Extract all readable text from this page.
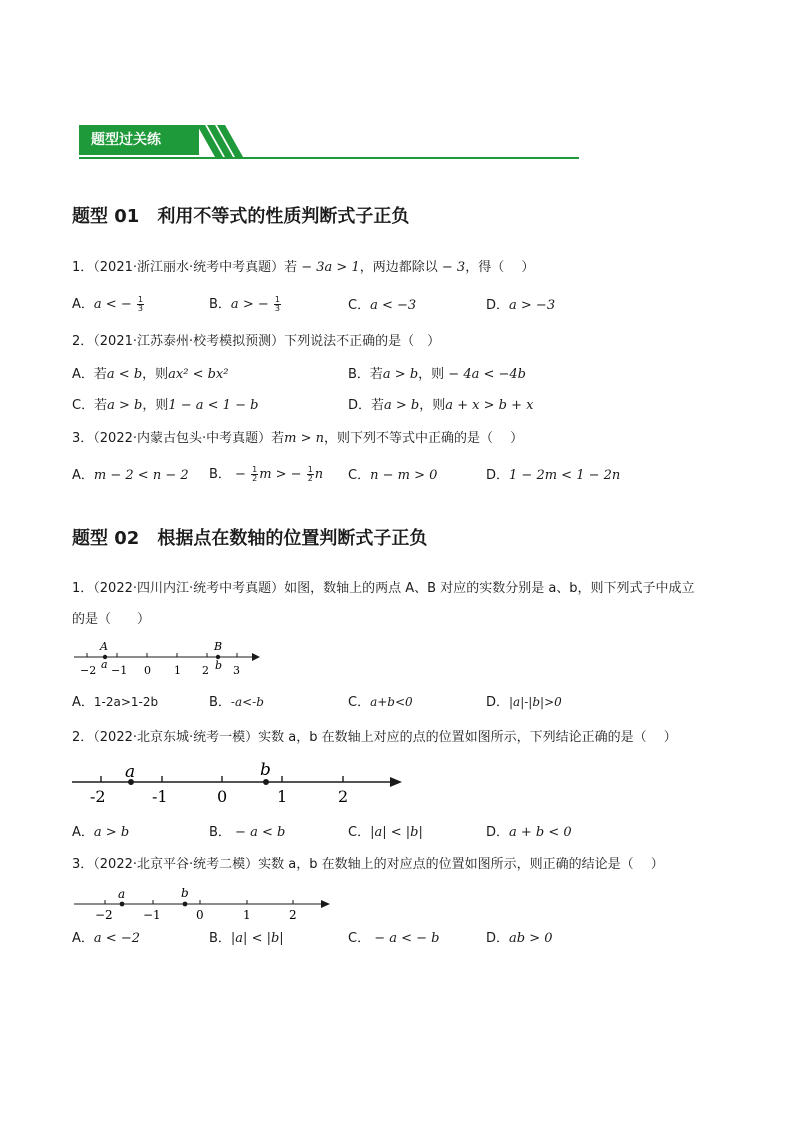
题型过关练
题型 01　利用不等式的性质判断式子正负
1．（2021·浙江丽水·统考中考真题）若 − 3a > 1，两边都除以 − 3，得（　 ）
A．a < − $\frac{1}{3}$	B．a > − $\frac{1}{3}$	C．a < −3	D．a > −3
2．（2021·江苏泰州·校考模拟预测）下列说法不正确的是（　）
A．若a < b，则ax² < bx²	B．若a > b，则 − 4a < −4b
C．若a > b，则1 − a < 1 − b	D．若a > b，则a + x > b + x
3．（2022·内蒙古包头·中考真题）若m > n，则下列不等式中正确的是（　 ）
A．m − 2 < n − 2 B． − $\frac{1}{2}$ m > − $\frac{1}{2}$ n C．n − m > 0	D．1 − 2m < 1 − 2n
题型 02　根据点在数轴的位置判断式子正负
1．（2022·四川内江·统考中考真题）如图，数轴上的两点 A、B 对应的实数分别是 a、b，则下列式子中成立
的是（　　）
A
a
B
b
−2 −1 0 1 2 3
A．1-2a>1-2b	B．-a<-b	C．a+b<0	D．|a|-|b|>0
2．（2022·北京东城·统考一模）实数 a，b 在数轴上对应的点的位置如图所示，下列结论正确的是（　 ）
a	b
-2	-1	0	1	2
A．a > b	B． − a < b	C．|a| < |b|	D．a + b < 0
3．（2022·北京平谷·统考二模）实数 a，b 在数轴上的对应点的位置如图所示，则正确的结论是（　 ）
a	b
−2	−1	0	1	2
A．a < −2	B．|a| < |b|	C． − a < − b	D．ab > 0
